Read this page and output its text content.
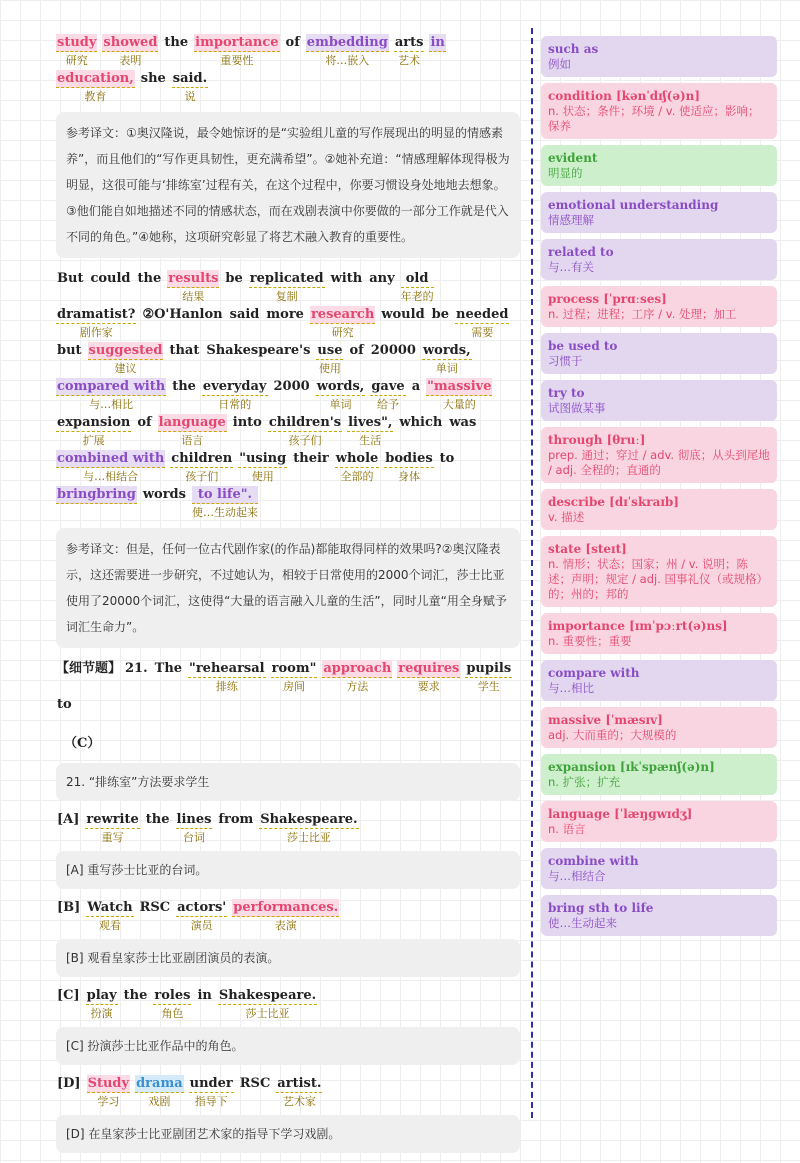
study
研究
showed
表明
the importance
重要性
of embedding
将…嵌入
arts
艺术
in
education,
教育
she said.
说
参考译文：①奥汉隆说，最令她惊讶的是“实验组儿童的写作展现出的明显的情感素养”，而且他们的“写作更具韧性，更充满希望”。②她补充道：“情感理解体现得极为明显，这很可能与‘排练室’过程有关，在这个过程中，你要习惯设身处地地去想象。③他们能自如地描述不同的情感状态，而在戏剧表演中你要做的一部分工作就是代入不同的角色。”④她称，这项研究彰显了将艺术融入教育的重要性。
But could the results
结果
be replicated
复制
with any old
年老的
dramatist?
剧作家
②O'Hanlon said more research
研究
would be needed
需要
but suggested
建议
that Shakespeare's use
使用
of 20000 words,
单词
compared with
与…相比
the everyday
日常的
2000 words,
单词
gave
给予
a "massive
大量的
expansion
扩展
of language
语言
into children's
孩子们
lives",
生活
which was
combined with
与…相结合
children
孩子们
"using
使用
their whole
全部的
bodies
身体
to
bringbring words to life".
使…生动起来
参考译文：但是，任何一位古代剧作家(的作品)都能取得同样的效果吗?②奥汉隆表示，这还需要进一步研究，不过她认为，相较于日常使用的2000个词汇，莎士比亚使用了20000个词汇，这使得“大量的语言融入儿童的生活”，同时儿童“用全身赋予词汇生命力”。
【细节题】 21. The "rehearsal
排练
room"
房间
approach
方法
requires
要求
pupils
学生
to
（C）
21. “排练室”方法要求学生
[A] rewrite
重写
the lines
台词
from Shakespeare.
莎士比亚
[A] 重写莎士比亚的台词。
[B] Watch
观看
RSC actors'
演员
performances.
表演
[B] 观看皇家莎士比亚剧团演员的表演。
[C] play
扮演
the roles
角色
in Shakespeare.
莎士比亚
[C] 扮演莎士比亚作品中的角色。
[D] Study
学习
drama
戏剧
under
指导下
RSC artist.
艺术家
[D] 在皇家莎士比亚剧团艺术家的指导下学习戏剧。
such as
例如
condition [kənˈdɪʃ(ə)n]
n. 状态；条件；环境 / v. 使适应；影响；保养
evident
明显的
emotional understanding
情感理解
related to
与…有关
process [ˈprɑːses]
n. 过程；进程；工序 / v. 处理；加工
be used to
习惯于
try to
试图做某事
through [θruː]
prep. 通过；穿过 / adv. 彻底；从头到尾地 / adj. 全程的；直通的
describe [dɪˈskraɪb]
v. 描述
state [steɪt]
n. 情形；状态；国家；州 / v. 说明；陈述；声明；规定 / adj. 国事礼仪（或规格）的；州的；邦的
importance [ɪmˈpɔːrt(ə)ns]
n. 重要性；重要
compare with
与…相比
massive [ˈmæsɪv]
adj. 大而重的；大规模的
expansion [ɪkˈspænʃ(ə)n]
n. 扩张；扩充
language [ˈlæŋɡwɪdʒ]
n. 语言
combine with
与…相结合
bring sth to life
使…生动起来
